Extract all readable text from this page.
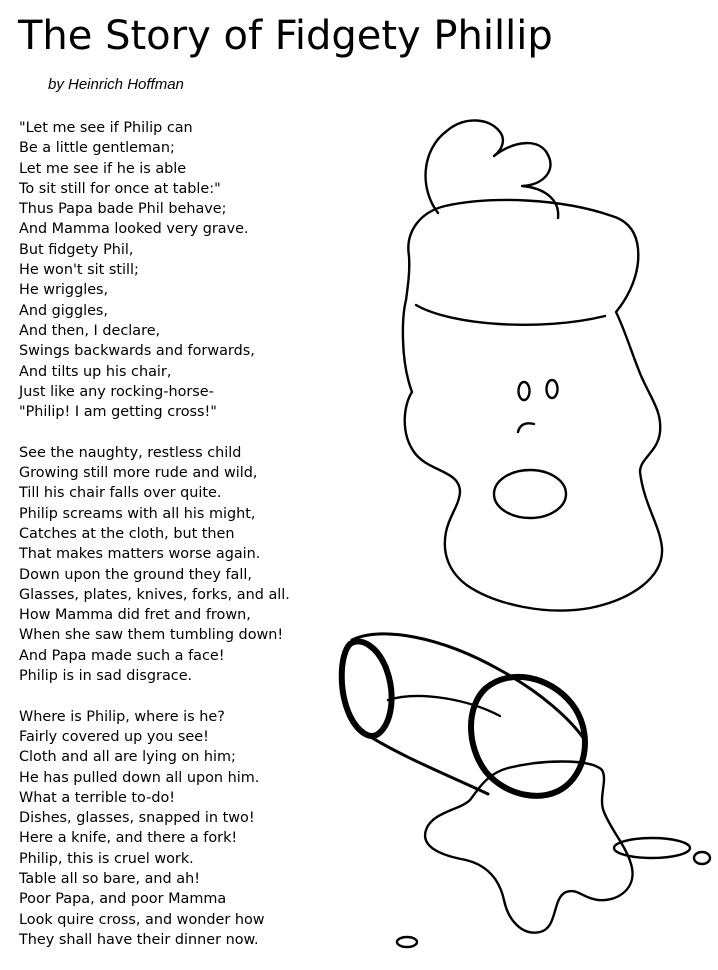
The Story of Fidgety Phillip
by Heinrich Hoffman
"Let me see if Philip can
Be a little gentleman;
Let me see if he is able
To sit still for once at table:"
Thus Papa bade Phil behave;
And Mamma looked very grave.
But fidgety Phil,
He won't sit still;
He wriggles,
And giggles,
And then, I declare,
Swings backwards and forwards,
And tilts up his chair,
Just like any rocking-horse-
"Philip! I am getting cross!"
See the naughty, restless child
Growing still more rude and wild,
Till his chair falls over quite.
Philip screams with all his might,
Catches at the cloth, but then
That makes matters worse again.
Down upon the ground they fall,
Glasses, plates, knives, forks, and all.
How Mamma did fret and frown,
When she saw them tumbling down!
And Papa made such a face!
Philip is in sad disgrace.
Where is Philip, where is he?
Fairly covered up you see!
Cloth and all are lying on him;
He has pulled down all upon him.
What a terrible to-do!
Dishes, glasses, snapped in two!
Here a knife, and there a fork!
Philip, this is cruel work.
Table all so bare, and ah!
Poor Papa, and poor Mamma
Look quire cross, and wonder how
They shall have their dinner now.
